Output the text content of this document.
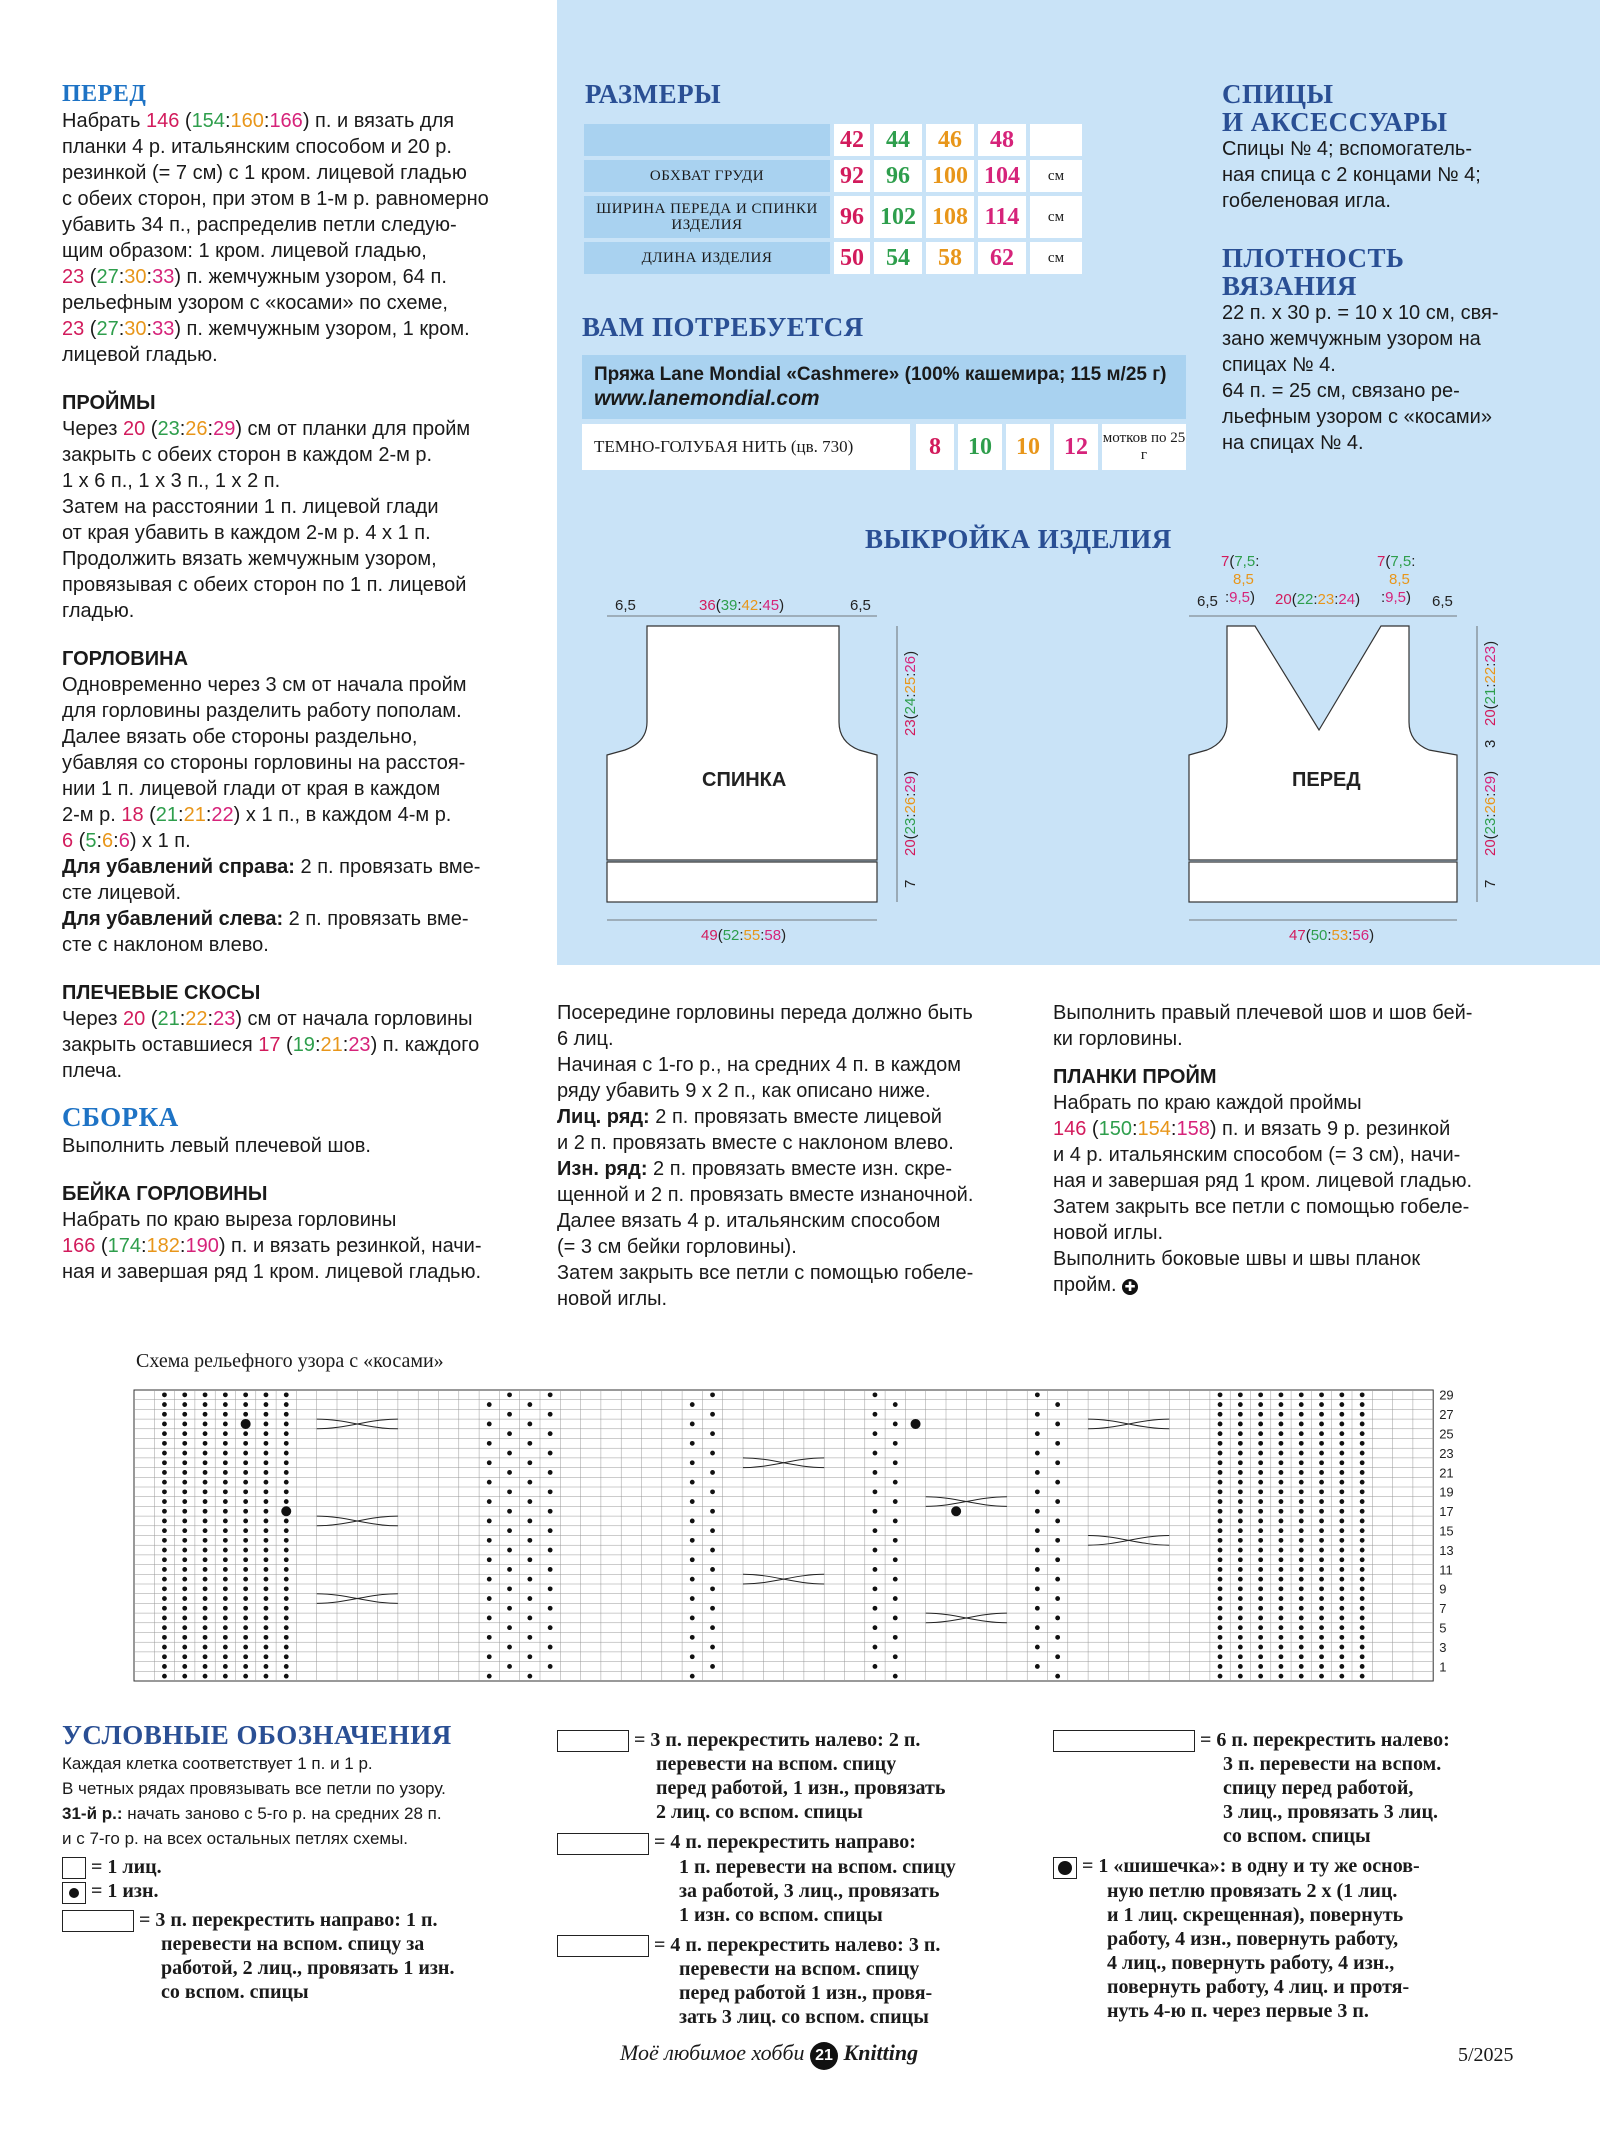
ПЕРЕД
Набрать 146 (154:160:166) п. и вязать для
планки 4 р. итальянским способом и 20 р.
резинкой (= 7 см) с 1 кром. лицевой гладью
с обеих сторон, при этом в 1-м р. равномерно
убавить 34 п., распределив петли следую-
щим образом: 1 кром. лицевой гладью,
23 (27:30:33) п. жемчужным узором, 64 п.
рельефным узором с «косами» по схеме,
23 (27:30:33) п. жемчужным узором, 1 кром.
лицевой гладью.
ПРОЙМЫ
Через 20 (23:26:29) см от планки для пройм
закрыть с обеих сторон в каждом 2-м р.
1 х 6 п., 1 х 3 п., 1 х 2 п.
Затем на расстоянии 1 п. лицевой глади
от края убавить в каждом 2-м р. 4 х 1 п.
Продолжить вязать жемчужным узором,
провязывая с обеих сторон по 1 п. лицевой
гладью.
ГОРЛОВИНА
Одновременно через 3 см от начала пройм
для горловины разделить работу пополам.
Далее вязать обе стороны раздельно,
убавляя со стороны горловины на расстоя-
нии 1 п. лицевой глади от края в каждом
2-м р. 18 (21:21:22) х 1 п., в каждом 4-м р.
6 (5:6:6) х 1 п.
Для убавлений справа: 2 п. провязать вме-
сте лицевой.
Для убавлений слева: 2 п. провязать вме-
сте с наклоном влево.
ПЛЕЧЕВЫЕ СКОСЫ
Через 20 (21:22:23) см от начала горловины
закрыть оставшиеся 17 (19:21:23) п. каждого
плеча.
СБОРКА
Выполнить левый плечевой шов.
БЕЙКА ГОРЛОВИНЫ
Набрать по краю выреза горловины
166 (174:182:190) п. и вязать резинкой, начи-
ная и завершая ряд 1 кром. лицевой гладью.
РАЗМЕРЫ
	42	44	46	48	
ОБХВАТ ГРУДИ	92	96	100	104	см
ШИРИНА ПЕРЕДА И СПИНКИ ИЗДЕЛИЯ	96	102	108	114	см
ДЛИНА ИЗДЕЛИЯ	50	54	58	62	см
ВАМ ПОТРЕБУЕТСЯ
Пряжа Lane Mondial «Cashmere» (100% кашемира; 115 м/25 г)
www.lanemondial.com
ТЕМНО-ГОЛУБАЯ НИТЬ (цв. 730)	8	10	10	12 мотков по 25 г
СПИЦЫ
И АКСЕССУАРЫ
Спицы № 4; вспомогатель-
ная спица с 2 концами № 4;
гобеленовая игла.
ПЛОТНОСТЬ
ВЯЗАНИЯ
22 п. х 30 р. = 10 х 10 см, свя-
зано жемчужным узором на
спицах № 4.
64 п. = 25 см, связано ре-
льефным узором с «косами»
на спицах № 4.
ВЫКРОЙКА ИЗДЕЛИЯ
6,5	6,5
36(39:42:45)
49(52:55:58)
23(24:25:26)
20(23:26:29)
7
СПИНКА
6,5	6,5
7(7,5:
8,5
:9,5)
7(7,5:
8,5
:9,5)
20(22:23:24)
47(50:53:56)
20(21:22:23)
3
20(23:26:29)
7
ПЕРЕД
Посередине горловины переда должно быть
6 лиц.
Начиная с 1-го р., на средних 4 п. в каждом
ряду убавить 9 х 2 п., как описано ниже.
Лиц. ряд: 2 п. провязать вместе лицевой
и 2 п. провязать вместе с наклоном влево.
Изн. ряд: 2 п. провязать вместе изн. скре-
щенной и 2 п. провязать вместе изнаночной.
Далее вязать 4 р. итальянским способом
(= 3 см бейки горловины).
Затем закрыть все петли с помощью гобеле-
новой иглы.
Выполнить правый плечевой шов и шов бей-
ки горловины.
ПЛАНКИ ПРОЙМ
Набрать по краю каждой проймы
146 (150:154:158) п. и вязать 9 р. резинкой
и 4 р. итальянским способом (= 3 см), начи-
ная и завершая ряд 1 кром. лицевой гладью.
Затем закрыть все петли с помощью гобеле-
новой иглы.
Выполнить боковые швы и швы планок
пройм. ✚
Схема рельефного узора с «косами»
29
27
25
23
21
19
17
15
13
11
9
7
5
3
1
УСЛОВНЫЕ ОБОЗНАЧЕНИЯ
Каждая клетка соответствует 1 п. и 1 р.
В четных рядах провязывать все петли по узору.
31-й р.: начать заново с 5-го р. на средних 28 п.
и с 7-го р. на всех остальных петлях схемы.
= 1 лиц.
= 1 изн.
= 3 п. перекрестить направо: 1 п.
перевести на вспом. спицу за
работой, 2 лиц., провязать 1 изн.
со вспом. спицы
= 3 п. перекрестить налево: 2 п.
перевести на вспом. спицу
перед работой, 1 изн., провязать
2 лиц. со вспом. спицы
= 4 п. перекрестить направо:
1 п. перевести на вспом. спицу
за работой, 3 лиц., провязать
1 изн. со вспом. спицы
= 4 п. перекрестить налево: 3 п.
перевести на вспом. спицу
перед работой 1 изн., провя-
зать 3 лиц. со вспом. спицы
= 6 п. перекрестить налево:
3 п. перевести на вспом.
спицу перед работой,
3 лиц., провязать 3 лиц.
со вспом. спицы
= 1 «шишечка»: в одну и ту же основ-
ную петлю провязать 2 х (1 лиц.
и 1 лиц. скрещенная), повернуть
работу, 4 изн., повернуть работу,
4 лиц., повернуть работу, 4 изн.,
повернуть работу, 4 лиц. и протя-
нуть 4-ю п. через первые 3 п.
Моё любимое хобби 21 Knitting	5/2025
